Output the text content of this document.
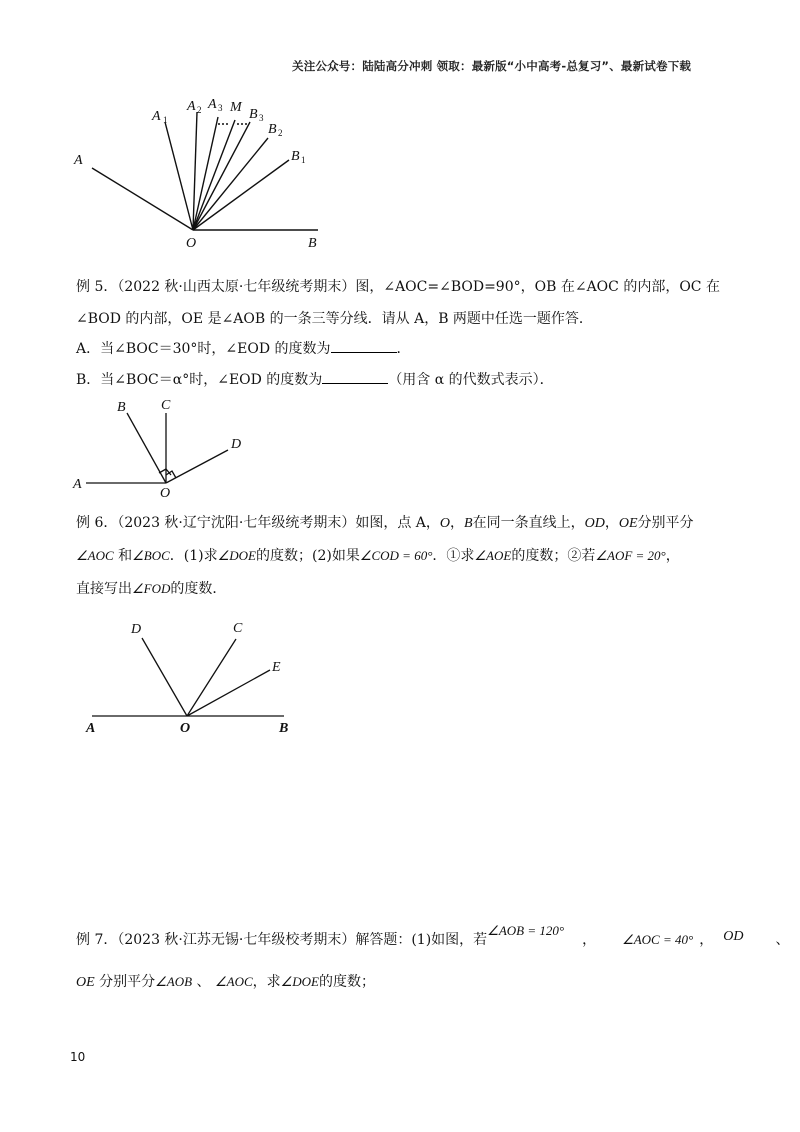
关注公众号：陆陆高分冲刺 领取：最新版“小中高考-总复习”、最新试卷下载
A
A 1
A 2 A 3 M B 3
B 2
B 1
O	B
例 5．（2022 秋·山西太原·七年级统考期末）图，∠AOC=∠BOD=90°，OB 在∠AOC 的内部，OC 在
∠BOD 的内部，OE 是∠AOB 的一条三等分线．请从 A，B 两题中任选一题作答．
A．当∠BOC＝30°时，∠EOD 的度数为	．
B．当∠BOC＝α°时，∠EOD 的度数为	（用含 α 的代数式表示）．
B	C
D
A
O
例 6．（2023 秋·辽宁沈阳·七年级统考期末）如图，点 A，O，B在同一条直线上，OD，OE分别平分
∠AOC 和∠BOC．(1)求∠DOE的度数；(2)如果∠COD = 60°．①求∠AOE的度数；②若∠AOF = 20°，
直接写出∠FOD的度数．
D	C
E
A	O	B
例 7．（2023 秋·江苏无锡·七年级校考期末）解答题：(1)如图，若∠AOB = 120°， ∠AOC = 40° ， OD 、
OE 分别平分∠AOB 、 ∠AOC，求∠DOE的度数；
10
